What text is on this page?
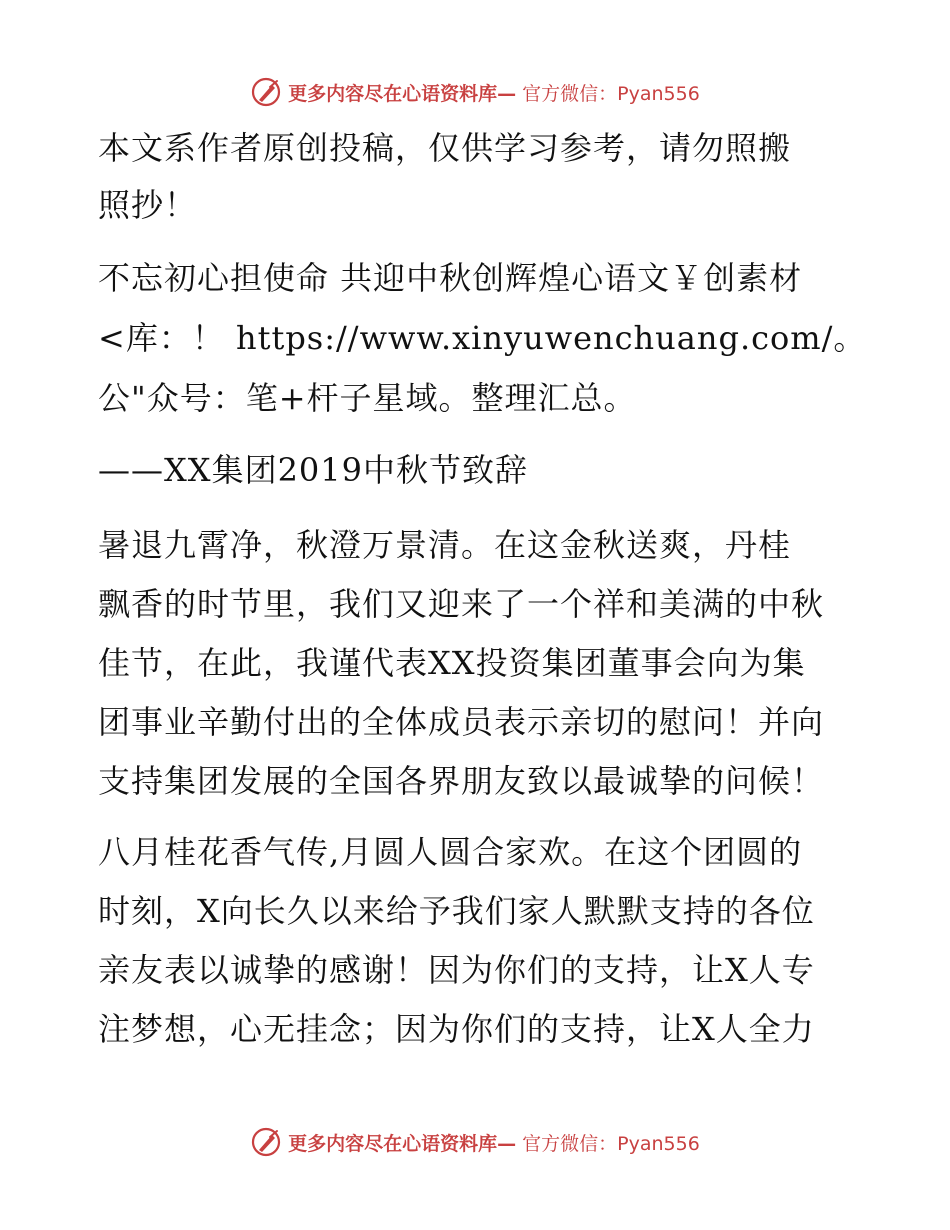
更多内容尽在心语资料库— 官方微信：Pyan556
本文系作者原创投稿，仅供学习参考，请勿照搬
照抄！
不忘初心担使命 共迎中秋创辉煌心语文￥创素材
<库：！ https://www.xinyuwenchuang.com/。
公"众号：笔+杆子星域。整理汇总。
——XX集团2019中秋节致辞
暑退九霄净，秋澄万景清。在这金秋送爽，丹桂
飘香的时节里，我们又迎来了一个祥和美满的中秋
佳节，在此，我谨代表XX投资集团董事会向为集
团事业辛勤付出的全体成员表示亲切的慰问！并向
支持集团发展的全国各界朋友致以最诚挚的问候！
八月桂花香气传,月圆人圆合家欢。在这个团圆的
时刻，X向长久以来给予我们家人默默支持的各位
亲友表以诚挚的感谢！因为你们的支持，让X人专
注梦想，心无挂念；因为你们的支持，让X人全力
更多内容尽在心语资料库— 官方微信：Pyan556
